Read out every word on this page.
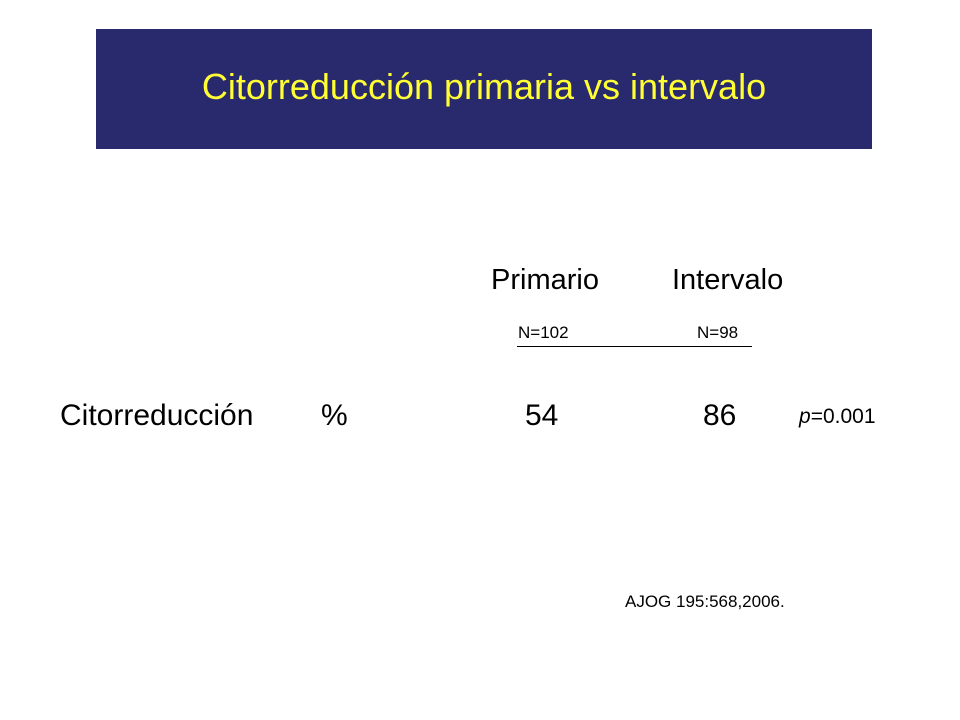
Citorreducción primaria vs intervalo
Primario	Intervalo
N=102	N=98
Citorreducción %	54	86	p=0.001
AJOG 195:568,2006.
